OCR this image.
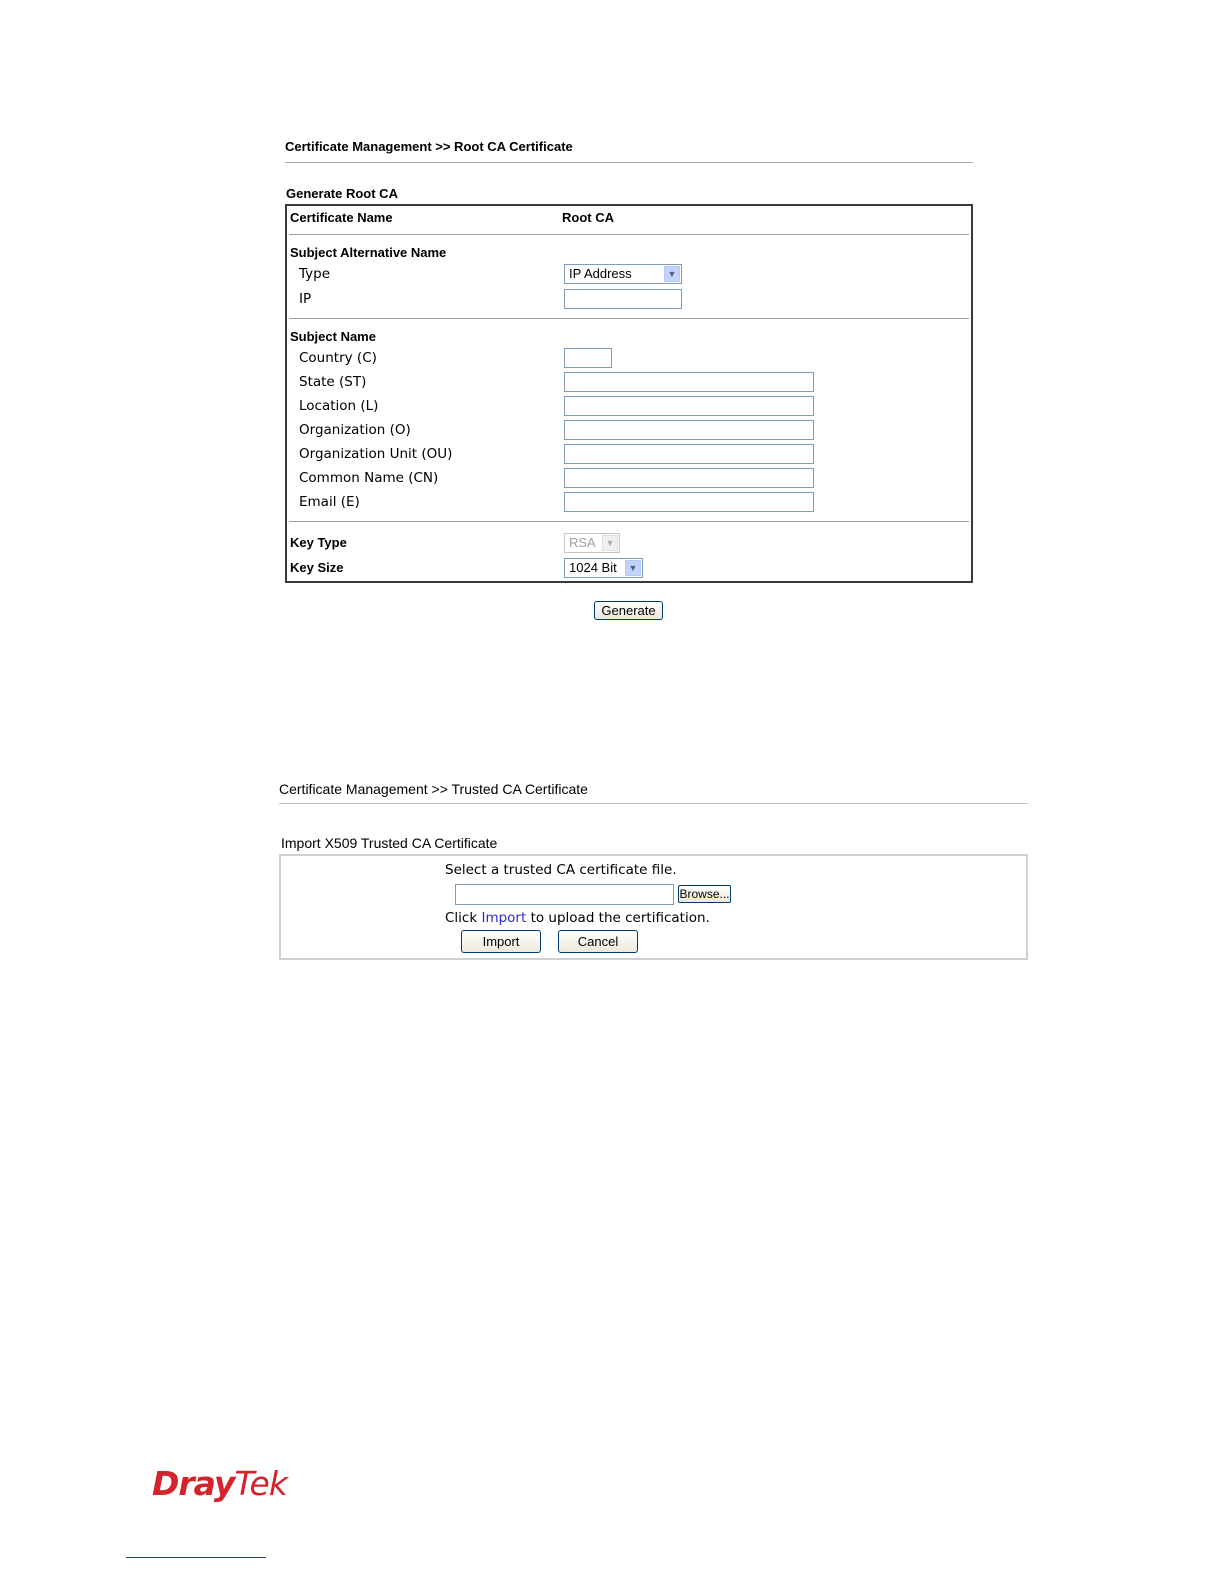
Certificate Management >> Root CA Certificate
Generate Root CA
Certificate Name	Root CA
Subject Alternative Name
Type	IP Address	▼
IP
Subject Name
Country (C)
State (ST)
Location (L)
Organization (O)
Organization Unit (OU)
Common Name (CN)
Email (E)
Key Type	RSA	▼
Key Size	1024 Bit	▼
Generate
Certificate Management >> Trusted CA Certificate
Import X509 Trusted CA Certificate
Select a trusted CA certificate file.
Browse...
Click Import to upload the certification.
Import	Cancel
DrayTek
